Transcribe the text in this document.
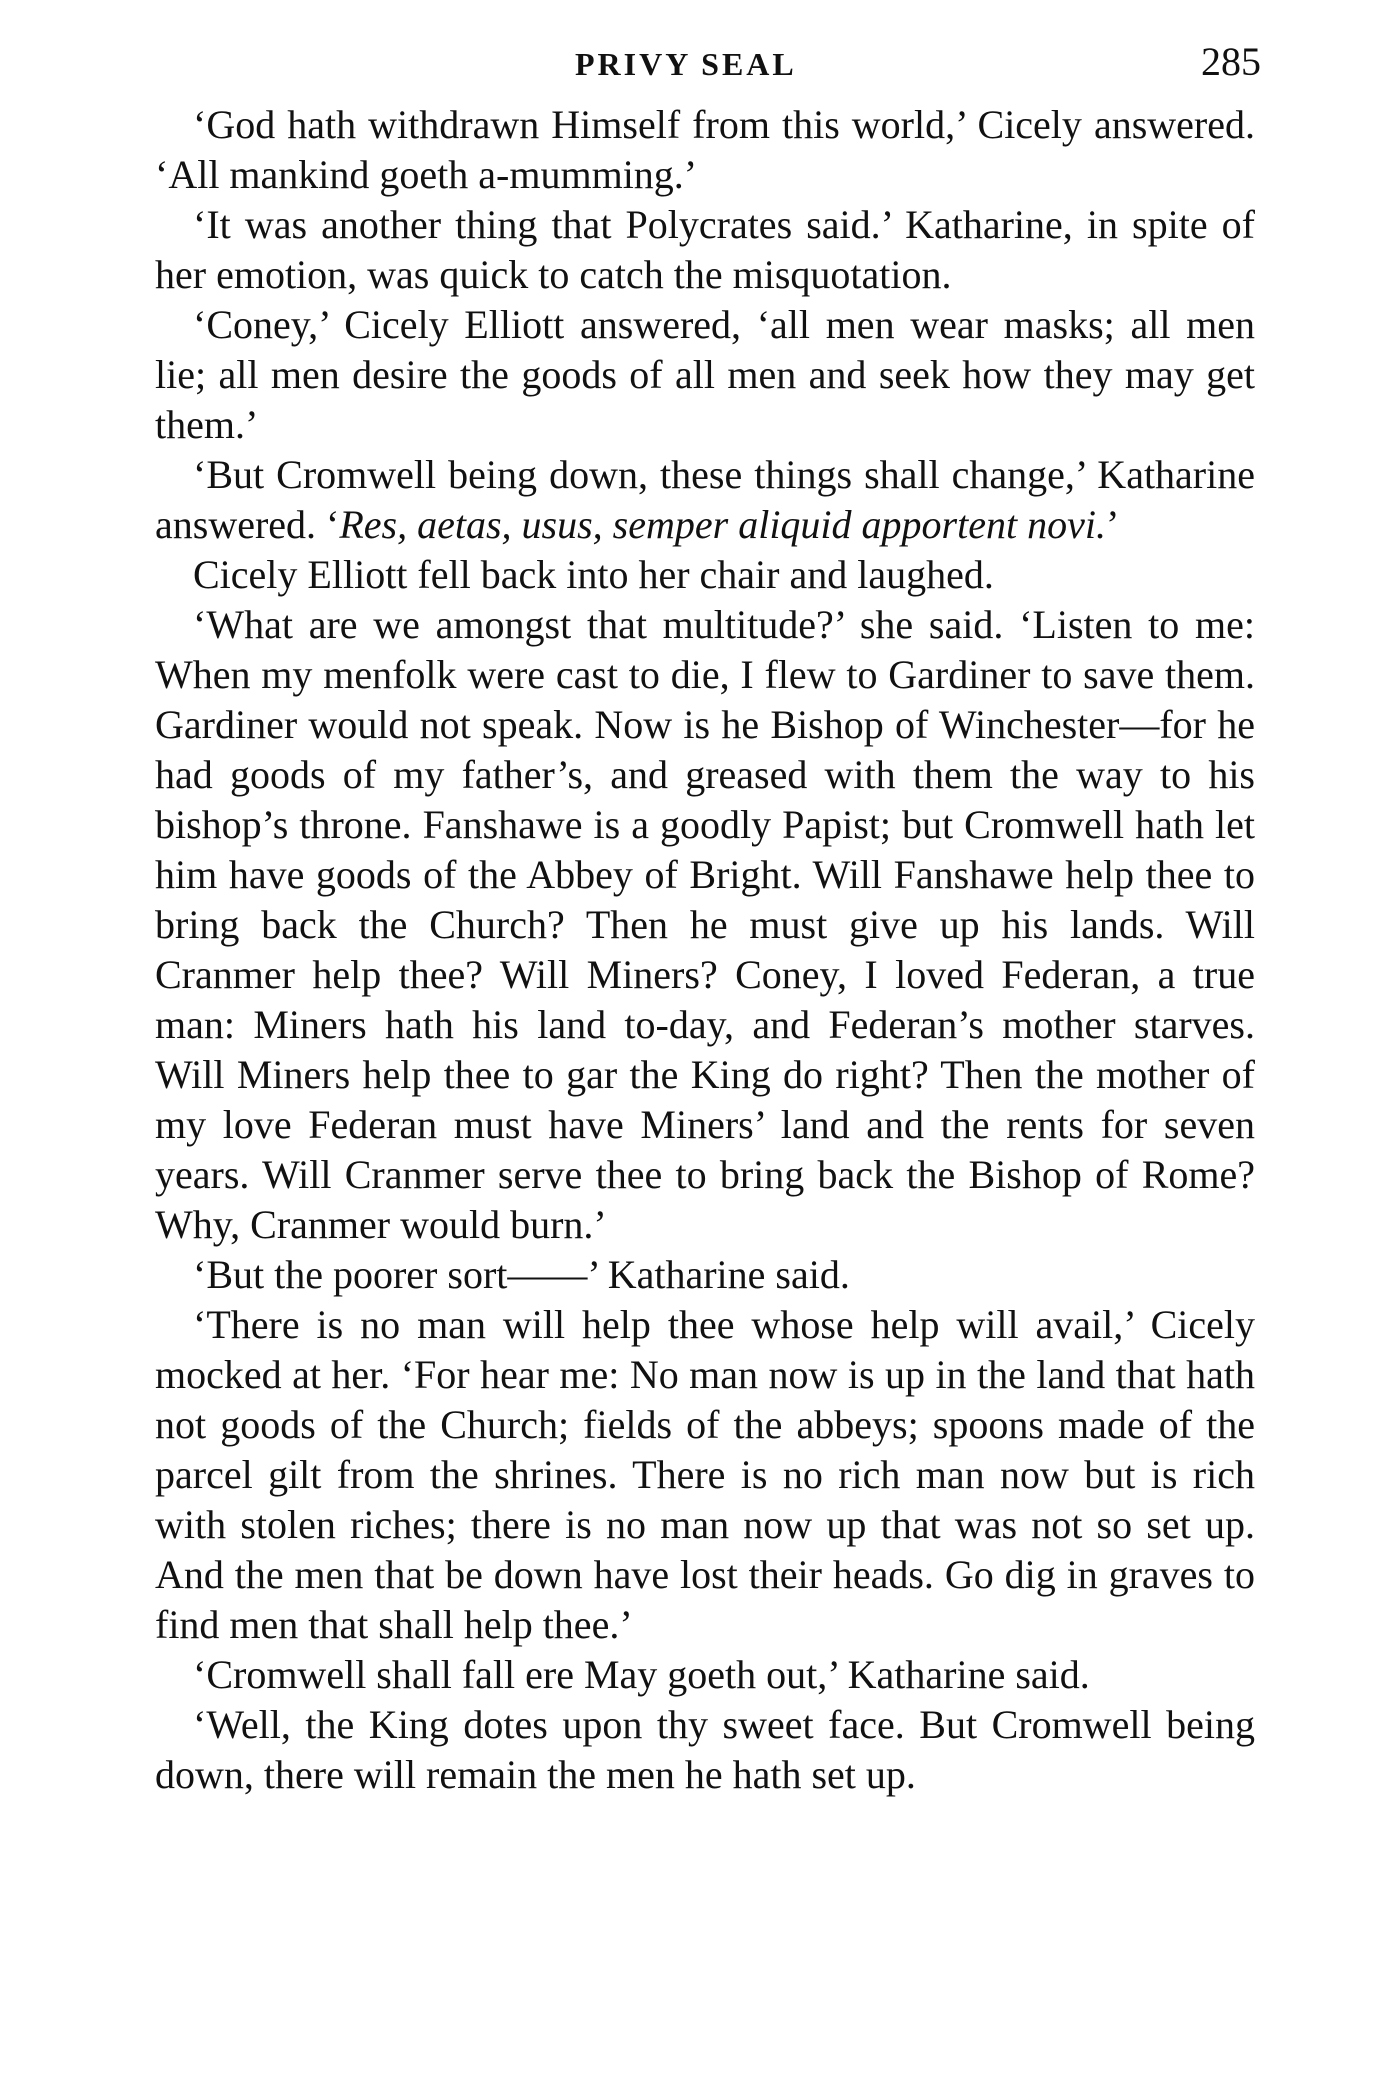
PRIVY SEAL	285

‘God hath withdrawn Himself from this world,’ Cicely answered. ‘All mankind goeth a-mumming.’

‘It was another thing that Polycrates said.’ Katharine, in spite of her emotion, was quick to catch the misquotation.

‘Coney,’ Cicely Elliott answered, ‘all men wear masks; all men lie; all men desire the goods of all men and seek how they may get them.’

‘But Cromwell being down, these things shall change,’ Katharine answered. ‘Res, aetas, usus, semper aliquid apportent novi.’

Cicely Elliott fell back into her chair and laughed.

‘What are we amongst that multitude?’ she said. ‘Listen to me: When my menfolk were cast to die, I flew to Gardiner to save them. Gardiner would not speak. Now is he Bishop of Winchester—for he had goods of my father’s, and greased with them the way to his bishop’s throne. Fanshawe is a goodly Papist; but Cromwell hath let him have goods of the Abbey of Bright. Will Fanshawe help thee to bring back the Church? Then he must give up his lands. Will Cranmer help thee? Will Miners? Coney, I loved Federan, a true man: Miners hath his land to-day, and Federan’s mother starves. Will Miners help thee to gar the King do right? Then the mother of my love Federan must have Miners’ land and the rents for seven years. Will Cranmer serve thee to bring back the Bishop of Rome? Why, Cranmer would burn.’

‘But the poorer sort——’ Katharine said.

‘There is no man will help thee whose help will avail,’ Cicely mocked at her. ‘For hear me: No man now is up in the land that hath not goods of the Church; fields of the abbeys; spoons made of the parcel gilt from the shrines. There is no rich man now but is rich with stolen riches; there is no man now up that was not so set up. And the men that be down have lost their heads. Go dig in graves to find men that shall help thee.’

‘Cromwell shall fall ere May goeth out,’ Katharine said.

‘Well, the King dotes upon thy sweet face. But Cromwell being down, there will remain the men he hath set up.
